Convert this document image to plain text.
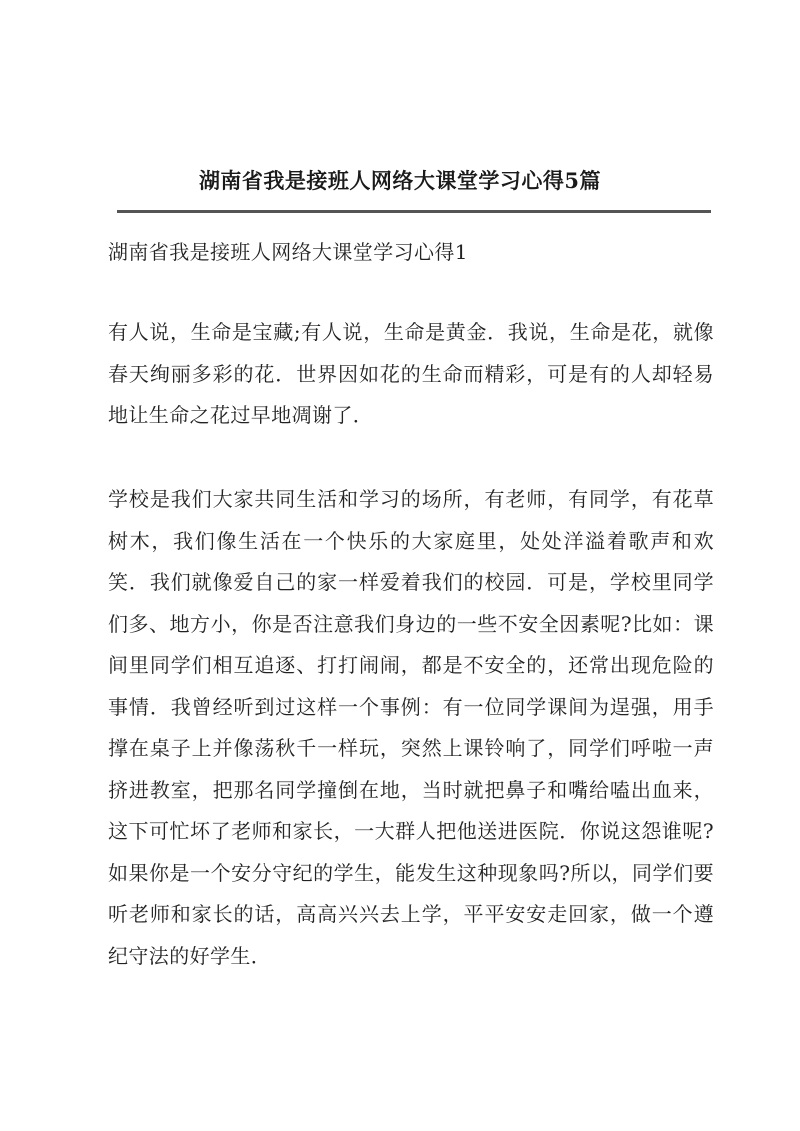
湖南省我是接班人网络大课堂学习心得5篇
湖南省我是接班人网络大课堂学习心得1

有人说，生命是宝藏;有人说，生命是黄金．我说，生命是花，就像春天绚丽多彩的花．世界因如花的生命而精彩，可是有的人却轻易地让生命之花过早地凋谢了．

学校是我们大家共同生活和学习的场所，有老师，有同学，有花草树木，我们像生活在一个快乐的大家庭里，处处洋溢着歌声和欢笑．我们就像爱自己的家一样爱着我们的校园．可是，学校里同学们多、地方小，你是否注意我们身边的一些不安全因素呢?比如：课间里同学们相互追逐、打打闹闹，都是不安全的，还常出现危险的事情．我曾经听到过这样一个事例：有一位同学课间为逞强，用手撑在桌子上并像荡秋千一样玩，突然上课铃响了，同学们呼啦一声挤进教室，把那名同学撞倒在地，当时就把鼻子和嘴给嗑出血来，这下可忙坏了老师和家长，一大群人把他送进医院．你说这怨谁呢?如果你是一个安分守纪的学生，能发生这种现象吗?所以，同学们要听老师和家长的话，高高兴兴去上学，平平安安走回家，做一个遵纪守法的好学生．
